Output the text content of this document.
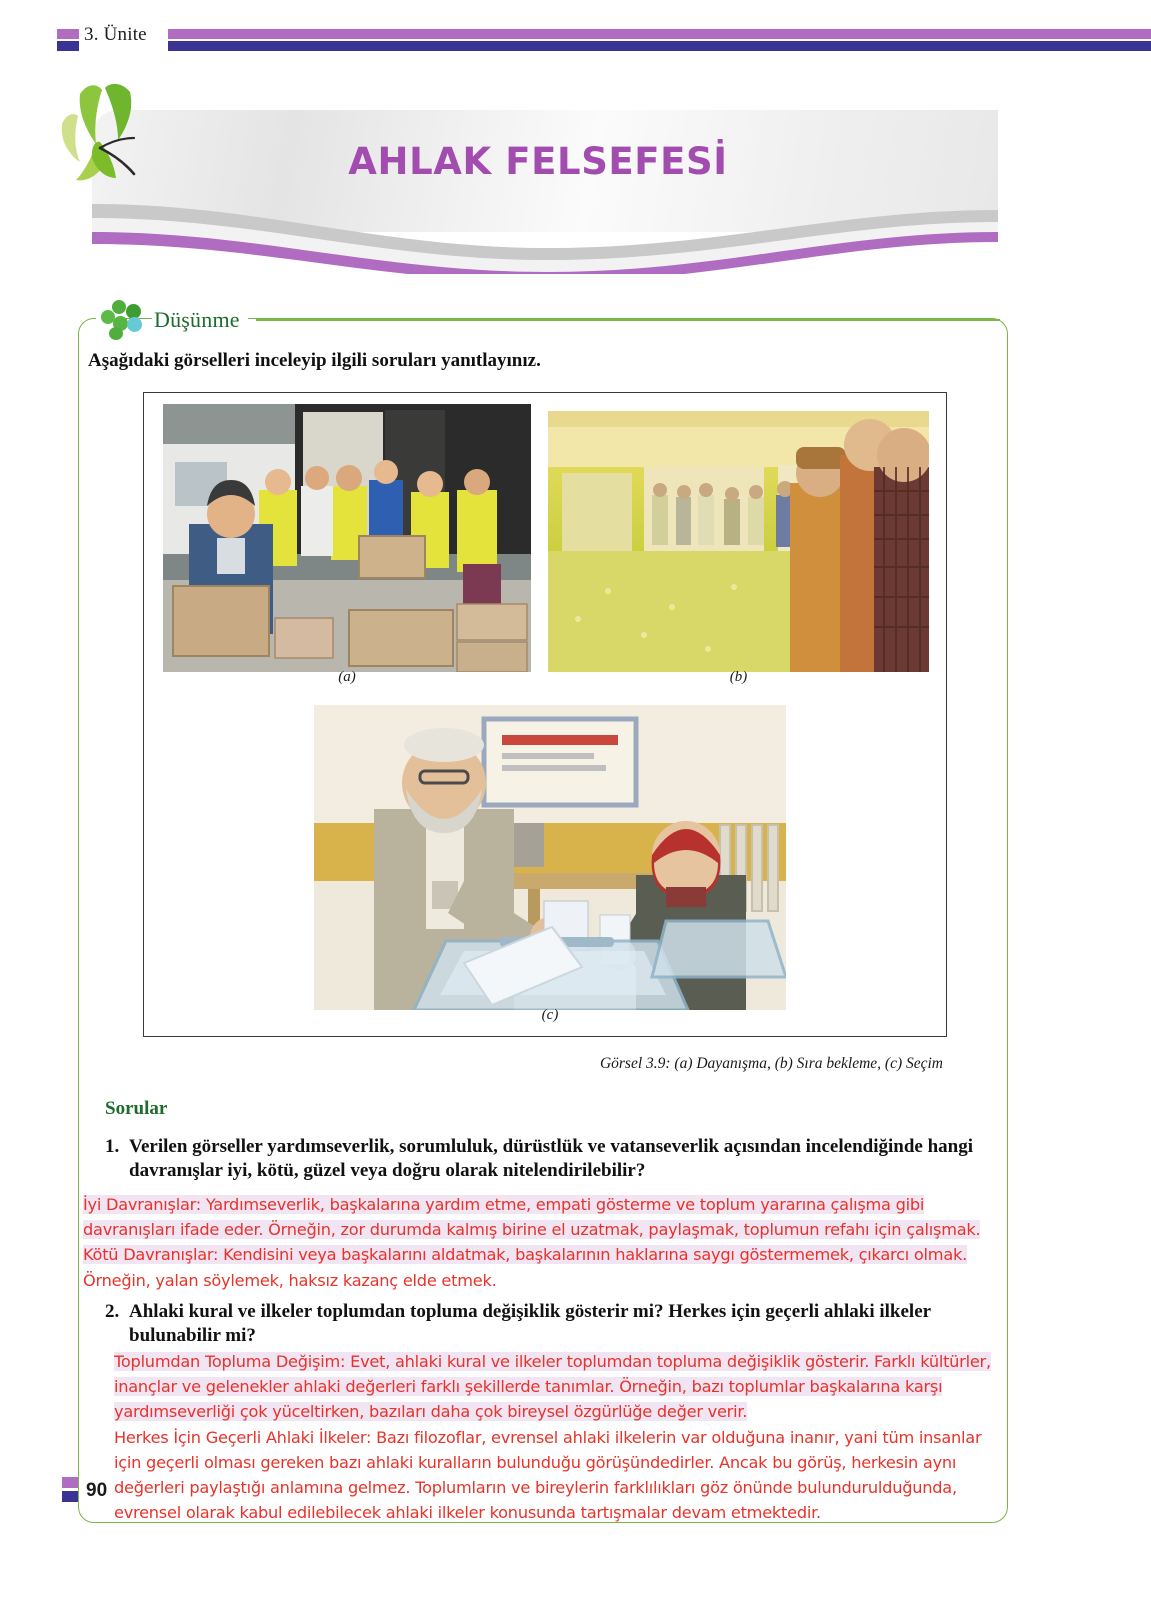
3. Ünite
AHLAK FELSEFESİ
Düşünme
Aşağıdaki görselleri inceleyip ilgili soruları yanıtlayınız.
(a)	(b)
(c)
Görsel 3.9: (a) Dayanışma, (b) Sıra bekleme, (c) Seçim
Sorular
1. Verilen görseller yardımseverlik, sorumluluk, dürüstlük ve vatanseverlik açısından incelendiğinde hangi davranışlar iyi, kötü, güzel veya doğru olarak nitelendirilebilir?
İyi Davranışlar: Yardımseverlik, başkalarına yardım etme, empati gösterme ve toplum yararına çalışma gibi
davranışları ifade eder. Örneğin, zor durumda kalmış birine el uzatmak, paylaşmak, toplumun refahı için çalışmak.
Kötü Davranışlar: Kendisini veya başkalarını aldatmak, başkalarının haklarına saygı göstermemek, çıkarcı olmak.
Örneğin, yalan söylemek, haksız kazanç elde etmek.
2. Ahlaki kural ve ilkeler toplumdan topluma değişiklik gösterir mi? Herkes için geçerli ahlaki ilkeler bulunabilir mi?
Toplumdan Topluma Değişim: Evet, ahlaki kural ve ilkeler toplumdan topluma değişiklik gösterir. Farklı kültürler,
inançlar ve gelenekler ahlaki değerleri farklı şekillerde tanımlar. Örneğin, bazı toplumlar başkalarına karşı
yardımseverliği çok yüceltirken, bazıları daha çok bireysel özgürlüğe değer verir.
Herkes İçin Geçerli Ahlaki İlkeler: Bazı filozoflar, evrensel ahlaki ilkelerin var olduğuna inanır, yani tüm insanlar
için geçerli olması gereken bazı ahlaki kuralların bulunduğu görüşündedirler. Ancak bu görüş, herkesin aynı
değerleri paylaştığı anlamına gelmez. Toplumların ve bireylerin farklılıkları göz önünde bulundurulduğunda,
evrensel olarak kabul edilebilecek ahlaki ilkeler konusunda tartışmalar devam etmektedir.
90
